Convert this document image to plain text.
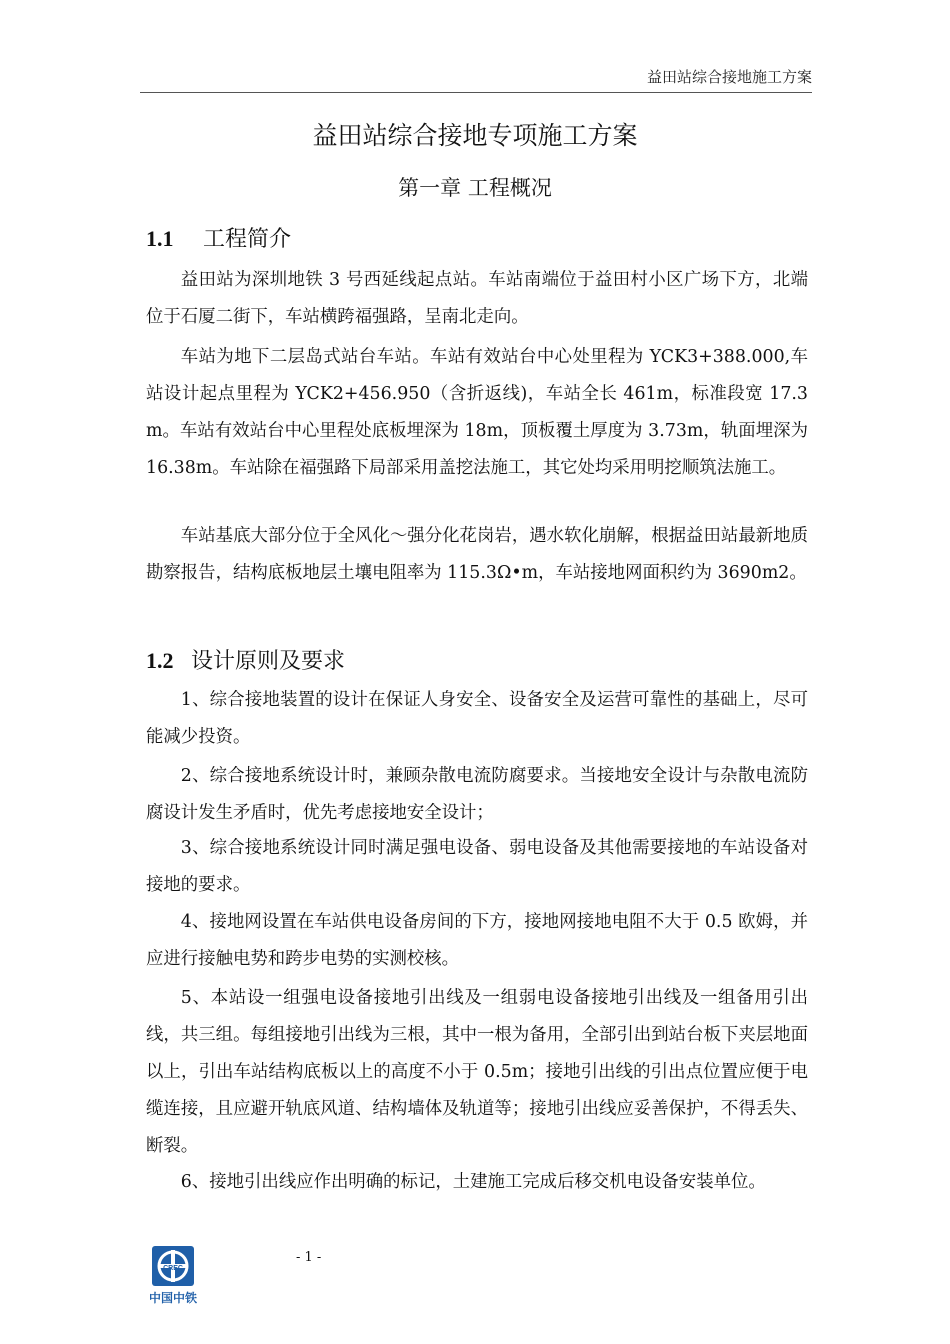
益田站综合接地施工方案
益田站综合接地专项施工方案
第一章 工程概况
1.1 工程简介

益田站为深圳地铁 3 号西延线起点站。车站南端位于益田村小区广场下方，北端位于石厦二街下，车站横跨福强路，呈南北走向。

车站为地下二层岛式站台车站。车站有效站台中心处里程为 YCK3+388.000,车站设计起点里程为 YCK2+456.950（含折返线)，车站全长 461m，标准段宽 17.3 m。车站有效站台中心里程处底板埋深为 18m，顶板覆土厚度为 3.73m，轨面埋深为 16.38m。车站除在福强路下局部采用盖挖法施工，其它处均采用明挖顺筑法施工。

车站基底大部分位于全风化～强分化花岗岩，遇水软化崩解，根据益田站最新地质勘察报告，结构底板地层土壤电阻率为 115.3Ω•m，车站接地网面积约为 3690m2。

1.2 设计原则及要求

1、综合接地装置的设计在保证人身安全、设备安全及运营可靠性的基础上，尽可能减少投资。

2、综合接地系统设计时，兼顾杂散电流防腐要求。当接地安全设计与杂散电流防腐设计发生矛盾时，优先考虑接地安全设计；

3、综合接地系统设计同时满足强电设备、弱电设备及其他需要接地的车站设备对接地的要求。

4、接地网设置在车站供电设备房间的下方，接地网接地电阻不大于 0.5 欧姆，并应进行接触电势和跨步电势的实测校核。

5、本站设一组强电设备接地引出线及一组弱电设备接地引出线及一组备用引出线，共三组。每组接地引出线为三根，其中一根为备用，全部引出到站台板下夹层地面以上，引出车站结构底板以上的高度不小于 0.5m；接地引出线的引出点位置应便于电缆连接，且应避开轨底风道、结构墙体及轨道等；接地引出线应妥善保护，不得丢失、断裂。

6、接地引出线应作出明确的标记，土建施工完成后移交机电设备安装单位。

CREC
中国中铁
- 1 -
